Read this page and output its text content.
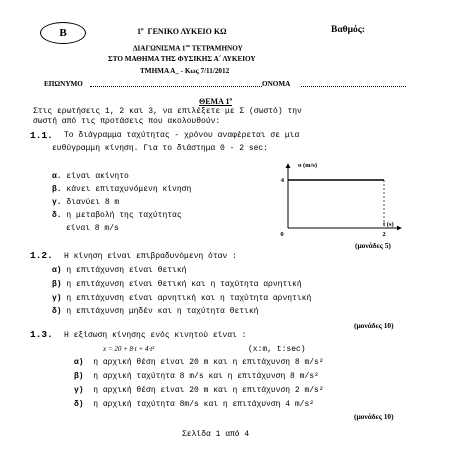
Β	$1^o$ ΓΕΝΙΚΟ ΛΥΚΕΙΟ ΚΩ	Βαθμός:
ΔΙΑΓΩΝΙΣΜΑ $1^{o\upsilon}$ ΤΕΤΡΑΜΗΝΟΥ
ΣΤΟ ΜΑΘΗΜΑ ΤΗΣ ΦΥΣΙΚΗΣ Α΄ ΛΥΚΕΙΟΥ
ΤΜΗΜΑ Α_ - Κως 7/11/2012
ΕΠΩΝΥΜΟ	ΟΝΟΜΑ
ΘΕΜΑ $1^o$
Στις ερωτήσεις 1, 2 και 3, να επιλέξετε με Σ (σωστό) την
σωστή από τις προτάσεις που ακολουθούν:
1.1. Το διάγραμμα ταχύτητας - χρόνου αναφέρεται σε μια
ευθύγραμμη κίνηση. Για το διάστημα 0 - 2 sec:
α. είναι ακίνητο
β. κάνει επιταχυνόμενη κίνηση
γ. διανύει 8 m
δ. η μεταβολή της ταχύτητας
είναι 8 m/s
υ (m/s)
t (s)
4
0	2
(μονάδες 5)
1.2. Η κίνηση είναι επιβραδυνόμενη όταν :
α) η επιτάχυνση είναι θετική
β) η επιτάχυνση είναι θετική και η ταχύτητα αρνητική
γ) η επιτάχυνση είναι αρνητική και η ταχύτητα αρνητική
δ) η επιτάχυνση μηδέν και η ταχύτητα θετική
(μονάδες 10)
1.3. Η εξίσωση κίνησης ενός κινητού είναι :
x = 20 + 8·t + 4·t²	(x:m, t:sec)
α) η αρχική θέση είναι 20 m και η επιτάχυνση 8 m/s²
β) η αρχική ταχύτητα 8 m/s και η επιτάχυνση 8 m/s²
γ) η αρχική θέση είναι 20 m και η επιτάχυνση 2 m/s²
δ) η αρχική ταχύτητα 8m/s και η επιτάχυνση 4 m/s²
(μονάδες 10)
Σελίδα 1 από 4
